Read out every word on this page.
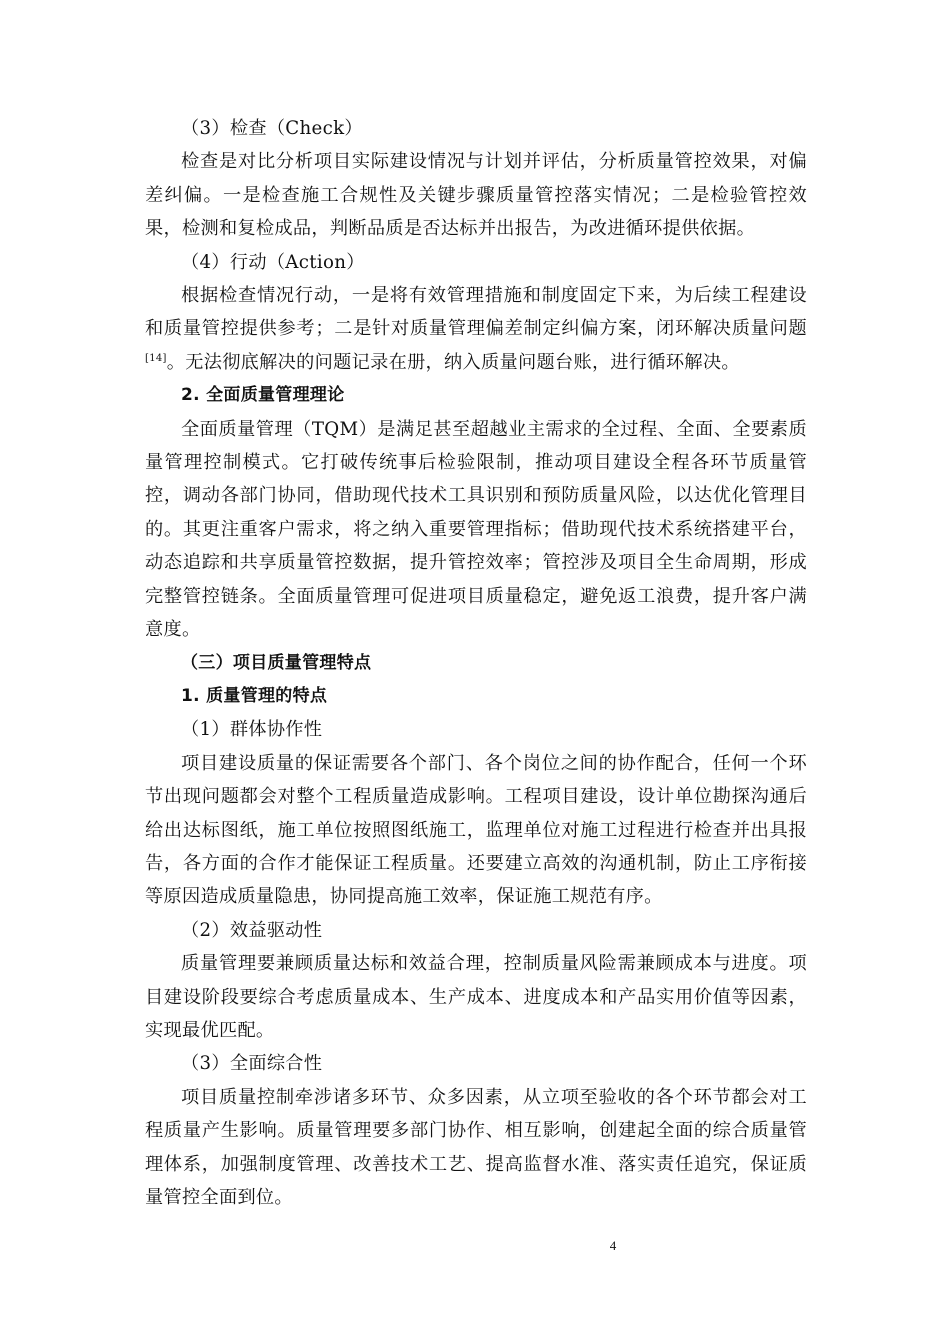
（3）检查（Check）

检查是对比分析项目实际建设情况与计划并评估，分析质量管控效果，对偏差纠偏。一是检查施工合规性及关键步骤质量管控落实情况；二是检验管控效果，检测和复检成品，判断品质是否达标并出报告，为改进循环提供依据。

（4）行动（Action）

根据检查情况行动，一是将有效管理措施和制度固定下来，为后续工程建设和质量管控提供参考；二是针对质量管理偏差制定纠偏方案，闭环解决质量问题[14]。无法彻底解决的问题记录在册，纳入质量问题台账，进行循环解决。

2. 全面质量管理理论

全面质量管理（TQM）是满足甚至超越业主需求的全过程、全面、全要素质量管理控制模式。它打破传统事后检验限制，推动项目建设全程各环节质量管控，调动各部门协同，借助现代技术工具识别和预防质量风险，以达优化管理目的。其更注重客户需求，将之纳入重要管理指标；借助现代技术系统搭建平台，动态追踪和共享质量管控数据，提升管控效率；管控涉及项目全生命周期，形成完整管控链条。全面质量管理可促进项目质量稳定，避免返工浪费，提升客户满意度。

（三）项目质量管理特点

1. 质量管理的特点

（1）群体协作性

项目建设质量的保证需要各个部门、各个岗位之间的协作配合，任何一个环节出现问题都会对整个工程质量造成影响。工程项目建设，设计单位勘探沟通后给出达标图纸，施工单位按照图纸施工，监理单位对施工过程进行检查并出具报告，各方面的合作才能保证工程质量。还要建立高效的沟通机制，防止工序衔接等原因造成质量隐患，协同提高施工效率，保证施工规范有序。

（2）效益驱动性

质量管理要兼顾质量达标和效益合理，控制质量风险需兼顾成本与进度。项目建设阶段要综合考虑质量成本、生产成本、进度成本和产品实用价值等因素，实现最优匹配。

（3）全面综合性

项目质量控制牵涉诸多环节、众多因素，从立项至验收的各个环节都会对工程质量产生影响。质量管理要多部门协作、相互影响，创建起全面的综合质量管理体系，加强制度管理、改善技术工艺、提高监督水准、落实责任追究，保证质量管控全面到位。

4
